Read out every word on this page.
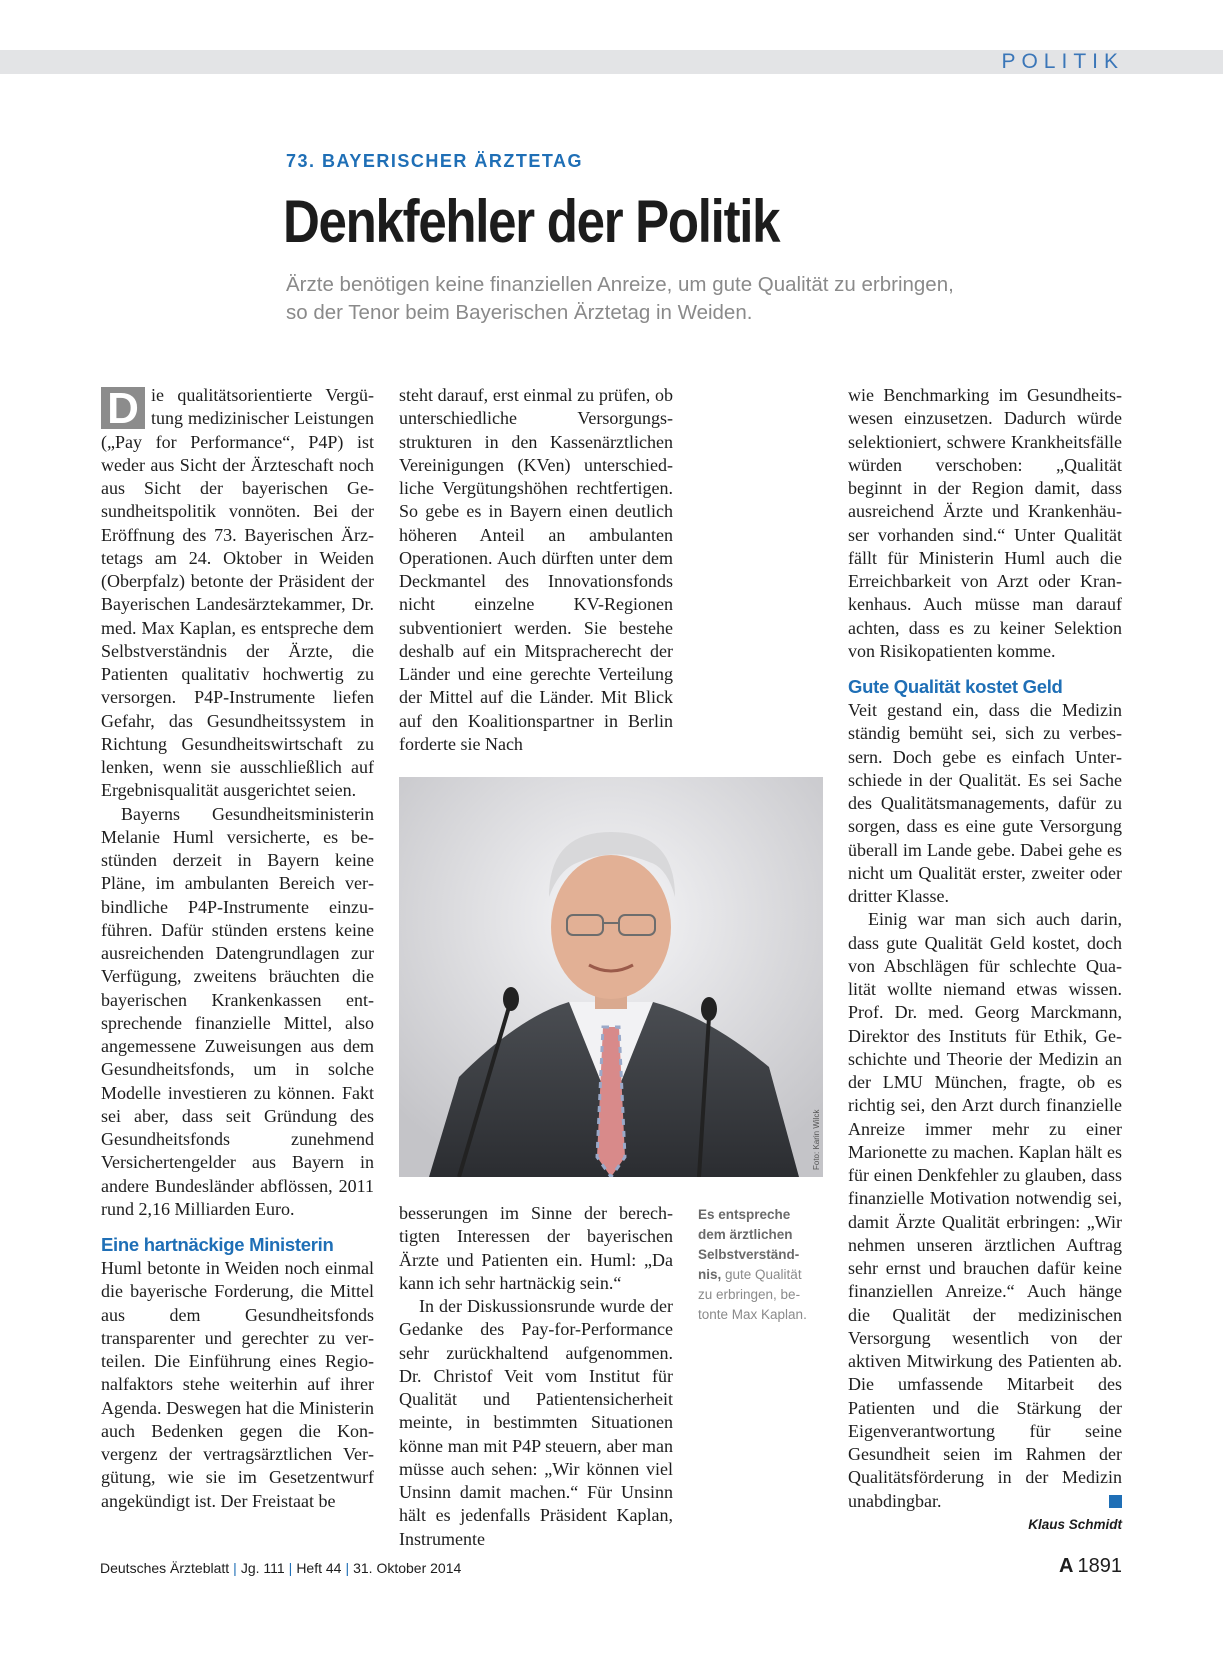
POLITIK
73. BAYERISCHER ÄRZTETAG
Denkfehler der Politik
Ärzte benötigen keine finanziellen Anreize, um gute Qualität zu erbringen, so der Tenor beim Bayerischen Ärztetag in Weiden.

D ie qualitätsorientierte Vergütung medizinischer Leistungen („Pay for Performance“, P4P) ist weder aus Sicht der Ärzteschaft noch aus Sicht der bayerischen Gesundheitspolitik vonnöten. Bei der Eröffnung des 73. Bayerischen Ärztetags am 24. Oktober in Weiden (Oberpfalz) betonte der Präsident der Bayerischen Landesärztekammer, Dr. med. Max Kaplan, es entspreche dem Selbstverständnis der Ärzte, die Patienten qualitativ hochwertig zu versorgen. P4P-Instrumente liefen Gefahr, das Gesundheitssystem in Richtung Gesundheitswirtschaft zu lenken, wenn sie ausschließlich auf Ergebnisqualität ausgerichtet seien.

Bayerns Gesundheitsministerin Melanie Huml versicherte, es bestünden derzeit in Bayern keine Pläne, im ambulanten Bereich verbindliche P4P-Instrumente einzuführen. Dafür stünden erstens keine ausreichenden Datengrundlagen zur Verfügung, zweitens bräuchten die bayerischen Krankenkassen entsprechende finanzielle Mittel, also angemessene Zuweisungen aus dem Gesundheitsfonds, um in solche Modelle investieren zu können. Fakt sei aber, dass seit Gründung des Gesundheitsfonds zunehmend Versichertengelder aus Bayern in andere Bundesländer abflössen, 2011 rund 2,16 Milliarden Euro.

Eine hartnäckige Ministerin

Huml betonte in Weiden noch einmal die bayerische Forderung, die Mittel aus dem Gesundheitsfonds transparenter und gerechter zu verteilen. Die Einführung eines Regionalfaktors stehe weiterhin auf ihrer Agenda. Deswegen hat die Ministerin auch Bedenken gegen die Konvergenz der vertragsärztlichen Vergütung, wie sie im Gesetzentwurf angekündigt ist. Der Freistaat be

steht darauf, erst einmal zu prüfen, ob unterschiedliche Versorgungsstrukturen in den Kassenärztlichen Vereinigungen (KVen) unterschiedliche Vergütungshöhen rechtfertigen. So gebe es in Bayern einen deutlich höheren Anteil an ambulanten Operationen. Auch dürften unter dem Deckmantel des Innovationsfonds nicht einzelne KV-Regionen subventioniert werden. Sie bestehe deshalb auf ein Mitspracherecht der Länder und eine gerechte Verteilung der Mittel auf die Länder. Mit Blick auf den Koalitionspartner in Berlin forderte sie Nach

Foto: Karin Wilck

besserungen im Sinne der berechtigten Interessen der bayerischen Ärzte und Patienten ein. Huml: „Da kann ich sehr hartnäckig sein.“

In der Diskussionsrunde wurde der Gedanke des Pay-for-Performance sehr zurückhaltend aufgenommen. Dr. Christof Veit vom Institut für Qualität und Patientensicherheit meinte, in bestimmten Situationen könne man mit P4P steuern, aber man müsse auch sehen: „Wir können viel Unsinn damit machen.“ Für Unsinn hält es jedenfalls Präsident Kaplan, Instrumente

Es entspreche dem ärztlichen Selbstverständnis, gute Qualität zu erbringen, betonte Max Kaplan.

wie Benchmarking im Gesundheitswesen einzusetzen. Dadurch würde selektioniert, schwere Krankheitsfälle würden verschoben: „Qualität beginnt in der Region damit, dass ausreichend Ärzte und Krankenhäuser vorhanden sind.“ Unter Qualität fällt für Ministerin Huml auch die Erreichbarkeit von Arzt oder Krankenhaus. Auch müsse man darauf achten, dass es zu keiner Selektion von Risikopatienten komme.

Gute Qualität kostet Geld

Veit gestand ein, dass die Medizin ständig bemüht sei, sich zu verbessern. Doch gebe es einfach Unterschiede in der Qualität. Es sei Sache des Qualitätsmanagements, dafür zu sorgen, dass es eine gute Versorgung überall im Lande gebe. Dabei gehe es nicht um Qualität erster, zweiter oder dritter Klasse.

Einig war man sich auch darin, dass gute Qualität Geld kostet, doch von Abschlägen für schlechte Qualität wollte niemand etwas wissen. Prof. Dr. med. Georg Marckmann, Direktor des Instituts für Ethik, Geschichte und Theorie der Medizin an der LMU München, fragte, ob es richtig sei, den Arzt durch finanzielle Anreize immer mehr zu einer Marionette zu machen. Kaplan hält es für einen Denkfehler zu glauben, dass finanzielle Motivation notwendig sei, damit Ärzte Qualität erbringen: „Wir nehmen unseren ärztlichen Auftrag sehr ernst und brauchen dafür keine finanziellen Anreize.“ Auch hänge die Qualität der medizinischen Versorgung wesentlich von der aktiven Mitwirkung des Patienten ab. Die umfassende Mitarbeit des Patienten und die Stärkung der Eigenverantwortung für seine Gesundheit seien im Rahmen der Qualitätsförderung in der Medizin unabdingbar.

Klaus Schmidt

Deutsches Ärzteblatt | Jg. 111 | Heft 44 | 31. Oktober 2014	A 1891
